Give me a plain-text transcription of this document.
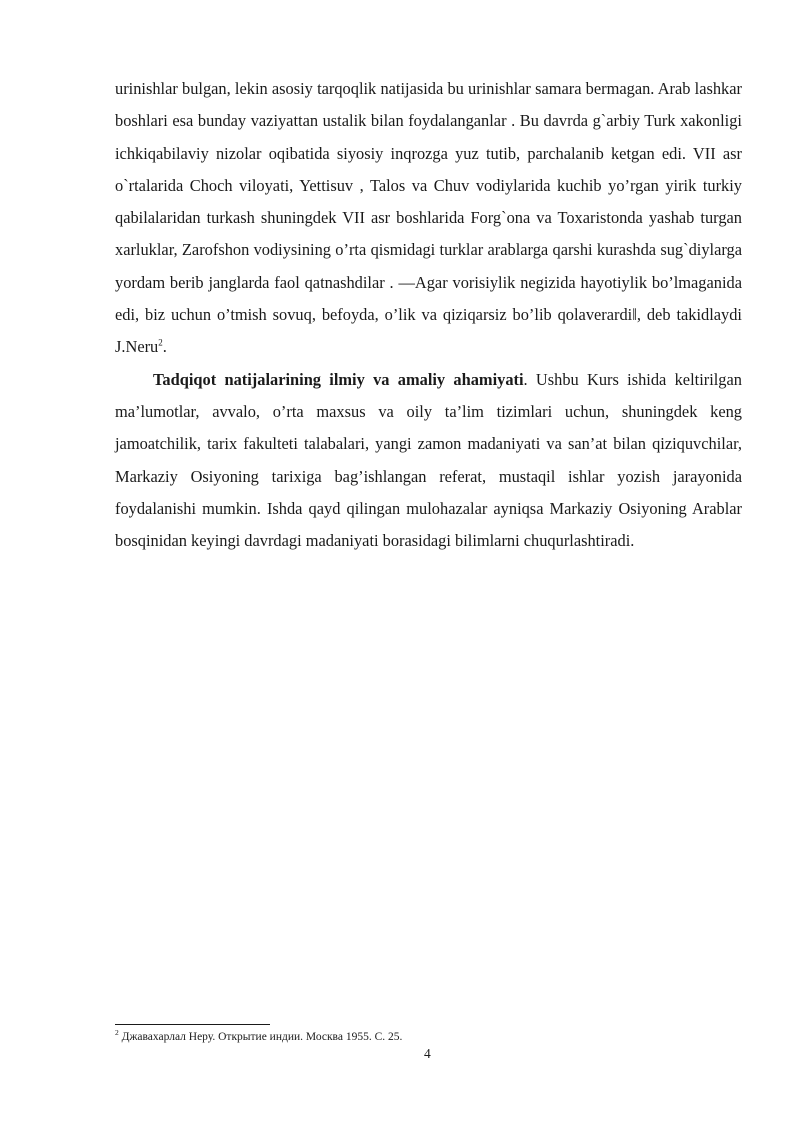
urinishlar bulgan, lekin asosiy tarqoqlik natijasida bu urinishlar samara bermagan. Arab lashkar boshlari esa bunday vaziyattan ustalik bilan foydalanganlar . Bu davrda g`arbiy Turk xakonligi ichkiqabilaviy nizolar oqibatida siyosiy inqrozga yuz tutib, parchalanib ketgan edi. VII asr o`rtalarida Choch viloyati, Yettisuv , Talos va Chuv vodiylarida kuchib yo’rgan yirik turkiy qabilalaridan turkash shuningdek VII asr boshlarida Forg`ona va Toxaristonda yashab turgan xarluklar, Zarofshon vodiysining o’rta qismidagi turklar arablarga qarshi kurashda sug`diylarga yordam berib janglarda faol qatnashdilar . ―Agar vorisiylik negizida hayotiylik bo’lmaganida edi, biz uchun o’tmish sovuq, befoyda, o’lik va qiziqarsiz bo’lib qolaverardi‖, deb takidlaydi J.Neru$^2$.

Tadqiqot natijalarining ilmiy va amaliy ahamiyati. Ushbu Kurs ishida keltirilgan ma’lumotlar, avvalo, o’rta maxsus va oily ta’lim tizimlari uchun, shuningdek keng jamoatchilik, tarix fakulteti talabalari, yangi zamon madaniyati va san’at bilan qiziquvchilar, Markaziy Osiyoning tarixiga bag’ishlangan referat, mustaqil ishlar yozish jarayonida foydalanishi mumkin. Ishda qayd qilingan mulohazalar ayniqsa Markaziy Osiyoning Arablar bosqinidan keyingi davrdagi madaniyati borasidagi bilimlarni chuqurlashtiradi.

$^2$ Джавахарлал Неру. Открытие индии. Москва 1955. С. 25.
4
